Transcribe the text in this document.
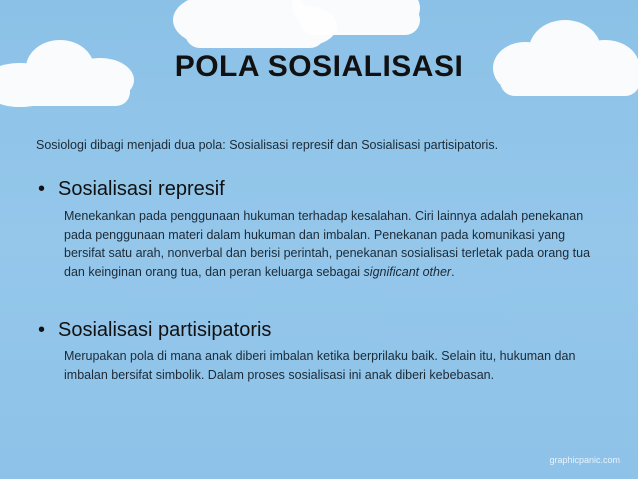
POLA SOSIALISASI
Sosiologi dibagi menjadi dua pola: Sosialisasi represif dan Sosialisasi partisipatoris.
• Sosialisasi represif
Menekankan pada penggunaan hukuman terhadap kesalahan. Ciri lainnya adalah penekanan pada penggunaan materi dalam hukuman dan imbalan. Penekanan pada komunikasi yang bersifat satu arah, nonverbal dan berisi perintah, penekanan sosialisasi terletak pada orang tua dan keinginan orang tua, dan peran keluarga sebagai significant other.
• Sosialisasi partisipatoris
Merupakan pola di mana anak diberi imbalan ketika berprilaku baik. Selain itu, hukuman dan imbalan bersifat simbolik. Dalam proses sosialisasi ini anak diberi kebebasan.
graphicpanic.com
